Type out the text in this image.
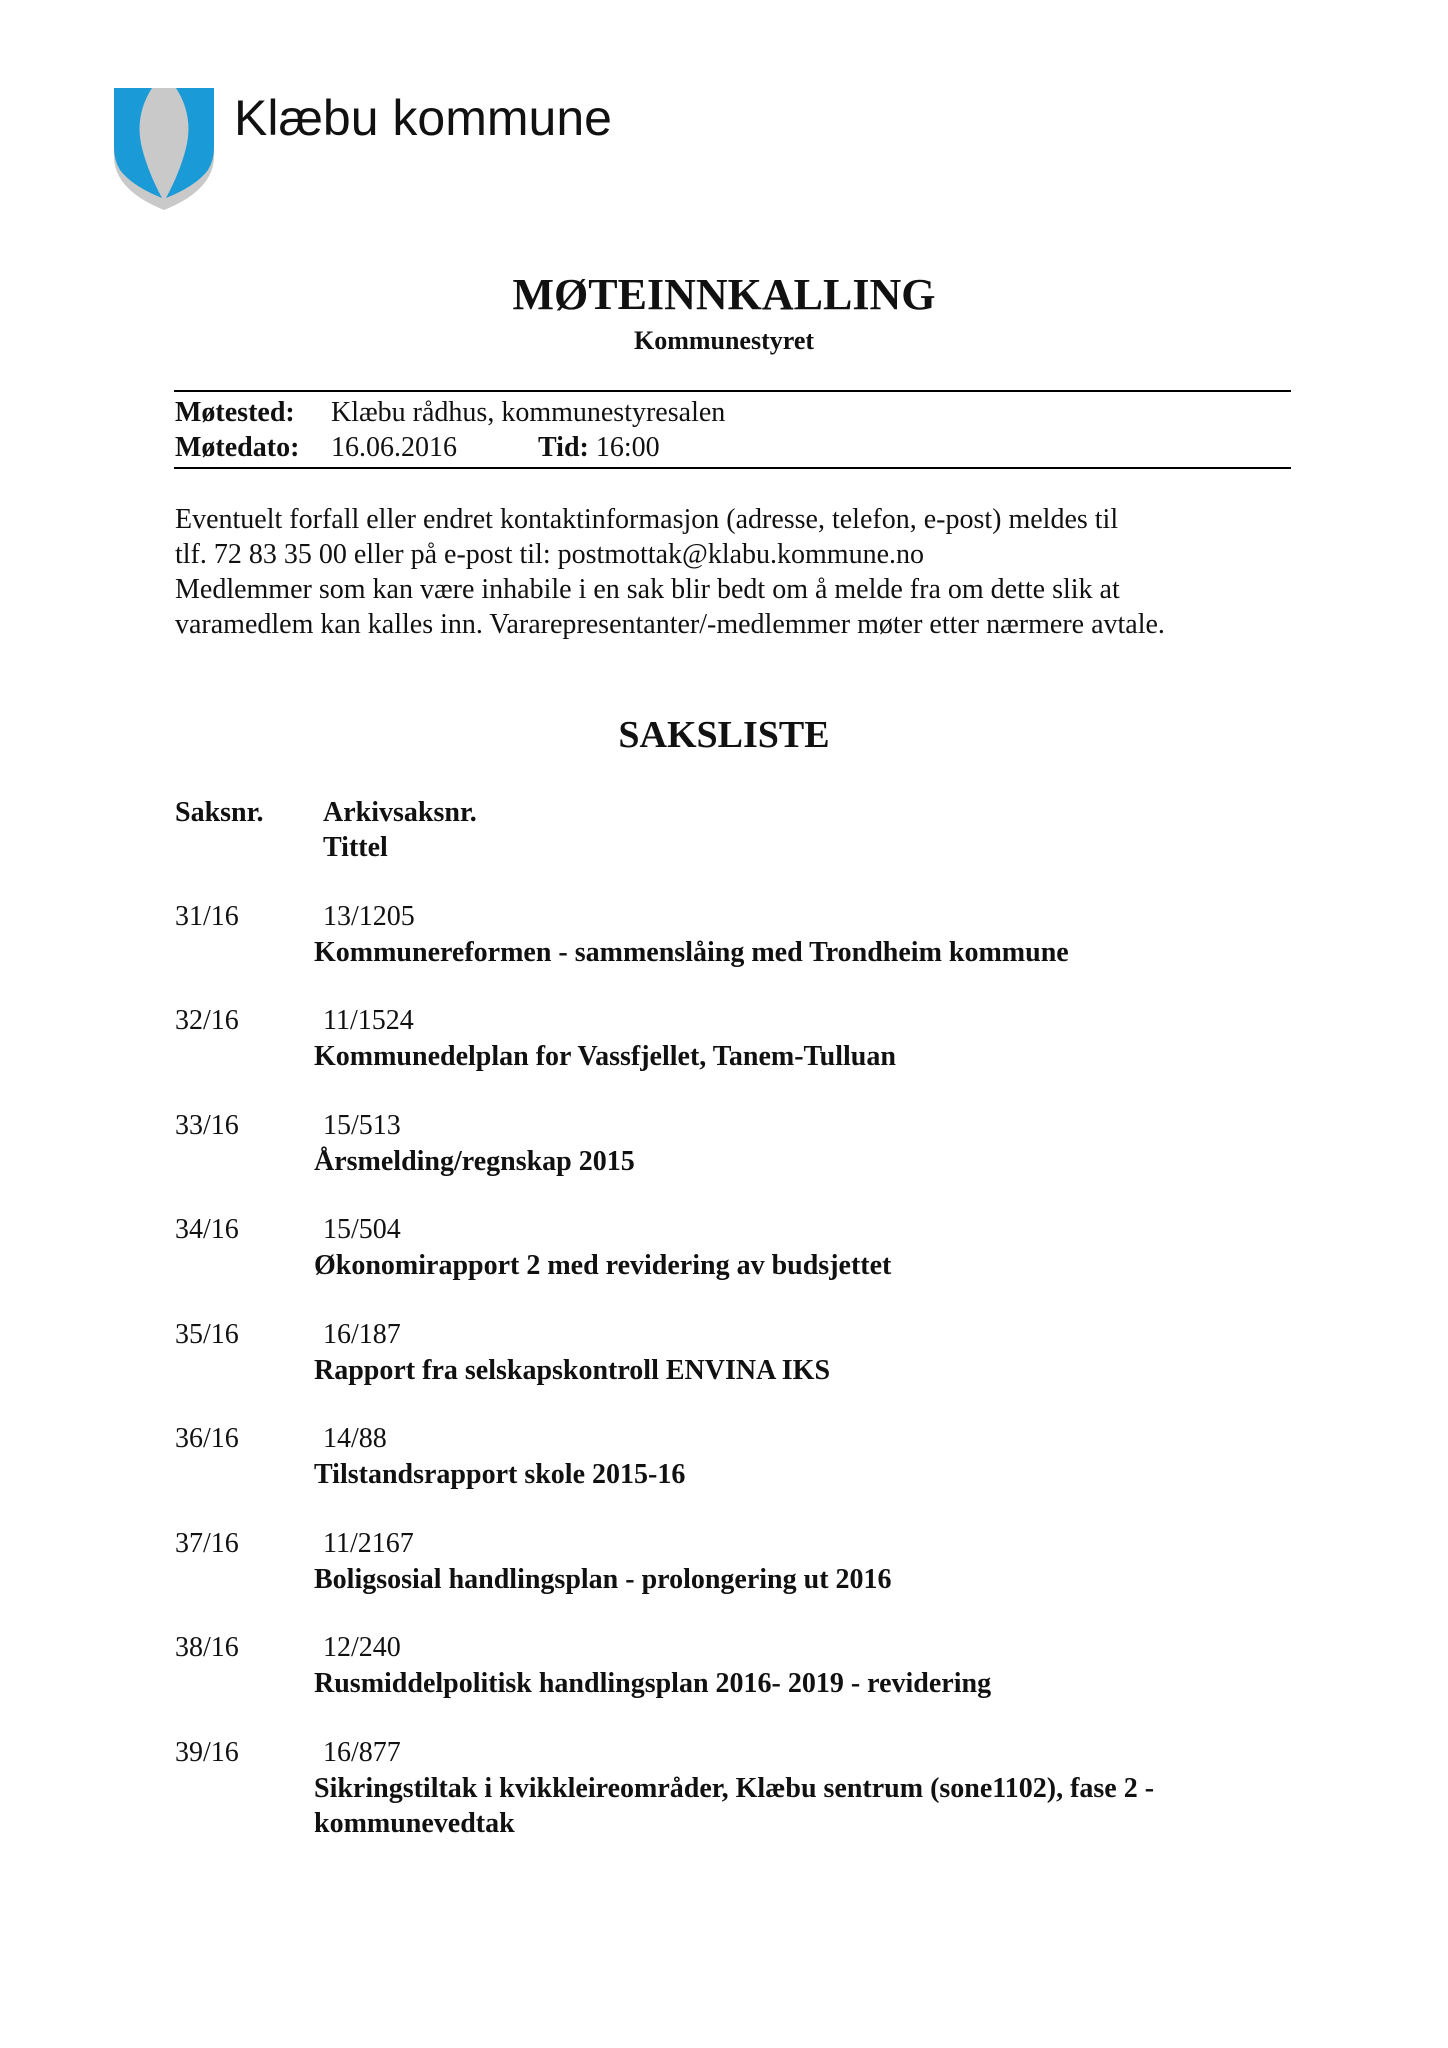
Klæbu kommune
MØTEINNKALLING
Kommunestyret
Møtested: Klæbu rådhus, kommunestyresalen
Møtedato: 16.06.2016	Tid: 16:00
Eventuelt forfall eller endret kontaktinformasjon (adresse, telefon, e-post) meldes til
tlf. 72 83 35 00 eller på e-post til: postmottak@klabu.kommune.no
Medlemmer som kan være inhabile i en sak blir bedt om å melde fra om dette slik at
varamedlem kan kalles inn. Vararepresentanter/-medlemmer møter etter nærmere avtale.
SAKSLISTE
Saksnr. Arkivsaksnr.
Tittel
31/16	13/1205
Kommunereformen - sammenslåing med Trondheim kommune
32/16	11/1524
Kommunedelplan for Vassfjellet, Tanem-Tulluan
33/16	15/513
Årsmelding/regnskap 2015
34/16	15/504
Økonomirapport 2 med revidering av budsjettet
35/16	16/187
Rapport fra selskapskontroll ENVINA IKS
36/16	14/88
Tilstandsrapport skole 2015-16
37/16	11/2167
Boligsosial handlingsplan - prolongering ut 2016
38/16	12/240
Rusmiddelpolitisk handlingsplan 2016- 2019 - revidering
39/16	16/877
Sikringstiltak i kvikkleireområder, Klæbu sentrum (sone1102), fase 2 - kommunevedtak
